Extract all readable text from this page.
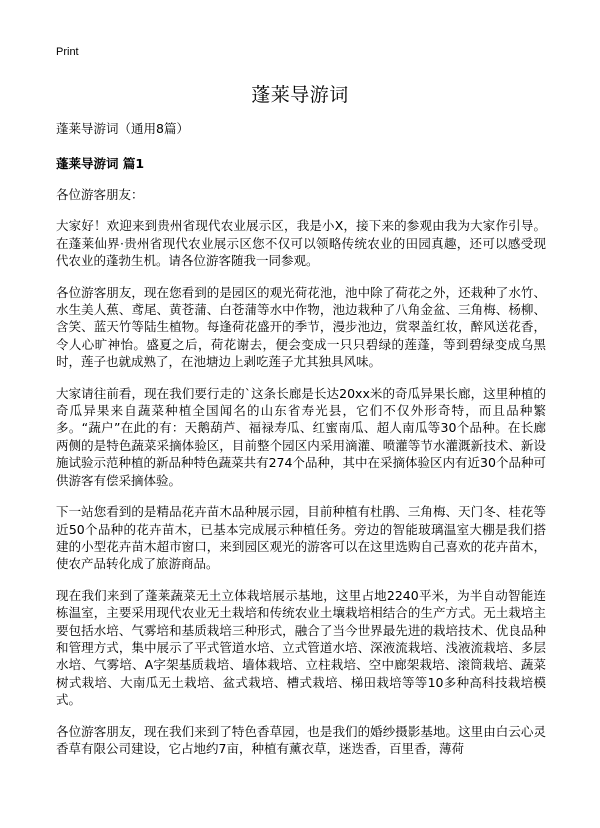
Print
蓬莱导游词

蓬莱导游词（通用8篇）

蓬莱导游词 篇1

各位游客朋友：

大家好！欢迎来到贵州省现代农业展示区，我是小X，接下来的参观由我为大家作引导。在蓬莱仙界·贵州省现代农业展示区您不仅可以领略传统农业的田园真趣，还可以感受现代农业的蓬勃生机。请各位游客随我一同参观。

各位游客朋友，现在您看到的是园区的观光荷花池，池中除了荷花之外，还栽种了水竹、水生美人蕉、鸢尾、黄苍蒲、白苍蒲等水中作物，池边栽种了八角金盆、三角梅、杨柳、含笑、蓝天竹等陆生植物。每逢荷花盛开的季节，漫步池边，赏翠盖红妆，醉风送花香，令人心旷神怡。盛夏之后，荷花谢去，便会变成一只只碧绿的莲蓬，等到碧绿变成乌黑时，莲子也就成熟了，在池塘边上剥吃莲子尤其独具风味。

大家请往前看，现在我们要行走的`这条长廊是长达20xx米的奇瓜异果长廊，这里种植的奇瓜异果来自蔬菜种植全国闻名的山东省寿光县，它们不仅外形奇特，而且品种繁多。“蔬户”在此的有：天鹅葫芦、福禄寿瓜、红蜜南瓜、超人南瓜等30个品种。在长廊两侧的是特色蔬菜采摘体验区，目前整个园区内采用滴灌、喷灌等节水灌溉新技术、新设施试验示范种植的新品种特色蔬菜共有274个品种，其中在采摘体验区内有近30个品种可供游客有偿采摘体验。

下一站您看到的是精品花卉苗木品种展示园，目前种植有杜鹃、三角梅、天门冬、桂花等近50个品种的花卉苗木，已基本完成展示种植任务。旁边的智能玻璃温室大棚是我们搭建的小型花卉苗木超市窗口，来到园区观光的游客可以在这里选购自己喜欢的花卉苗木，使农产品转化成了旅游商品。

现在我们来到了蓬莱蔬菜无土立体栽培展示基地，这里占地2240平米，为半自动智能连栋温室，主要采用现代农业无土栽培和传统农业土壤栽培相结合的生产方式。无土栽培主要包括水培、气雾培和基质栽培三种形式，融合了当今世界最先进的栽培技术、优良品种和管理方式，集中展示了平式管道水培、立式管道水培、深液流栽培、浅液流栽培、多层水培、气雾培、A字架基质栽培、墙体栽培、立柱栽培、空中廊架栽培、滚筒栽培、蔬菜树式栽培、大南瓜无土栽培、盆式栽培、槽式栽培、梯田栽培等等10多种高科技栽培模式。

各位游客朋友，现在我们来到了特色香草园，也是我们的婚纱摄影基地。这里由白云心灵香草有限公司建设，它占地约7亩，种植有薰衣草，迷迭香，百里香，薄荷
